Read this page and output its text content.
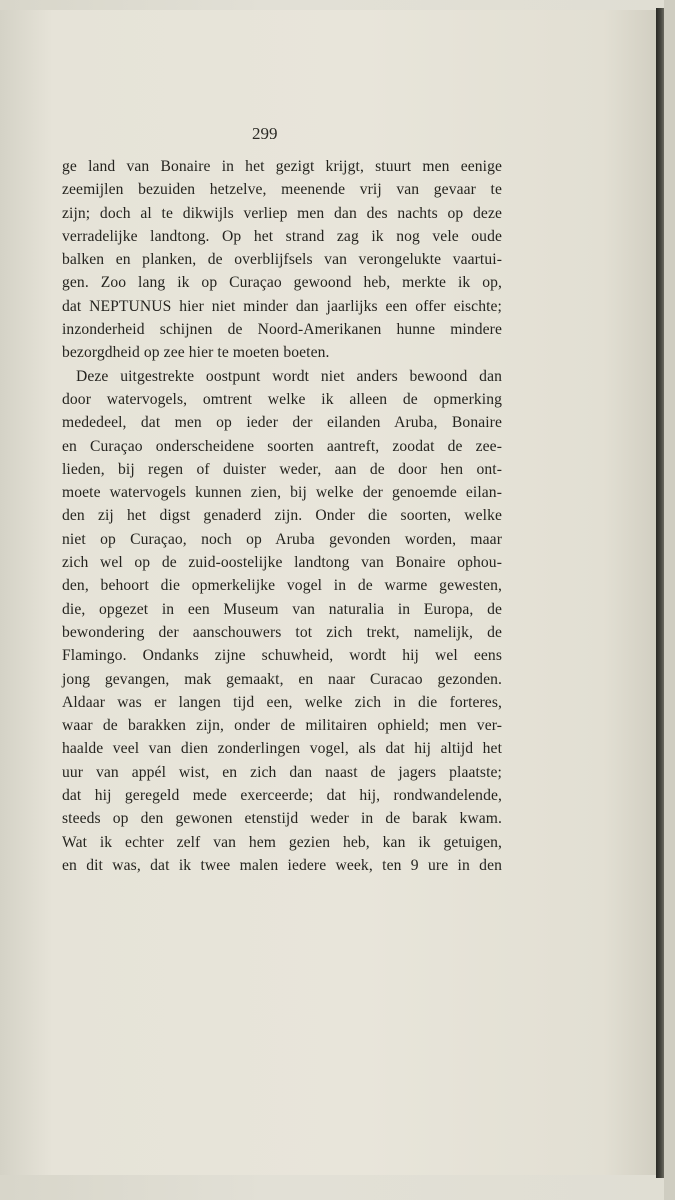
299
ge land van Bonaire in het gezigt krijgt, stuurt men eenige
zeemijlen bezuiden hetzelve, meenende vrij van gevaar te
zijn; doch al te dikwijls verliep men dan des nachts op deze
verradelijke landtong. Op het strand zag ik nog vele oude
balken en planken, de overblijfsels van verongelukte vaartui-
gen. Zoo lang ik op Curaçao gewoond heb, merkte ik op,
dat NEPTUNUS hier niet minder dan jaarlijks een offer eischte;
inzonderheid schijnen de Noord-Amerikanen hunne mindere
bezorgdheid op zee hier te moeten boeten.
Deze uitgestrekte oostpunt wordt niet anders bewoond dan
door watervogels, omtrent welke ik alleen de opmerking
mededeel, dat men op ieder der eilanden Aruba, Bonaire
en Curaçao onderscheidene soorten aantreft, zoodat de zee-
lieden, bij regen of duister weder, aan de door hen ont-
moete watervogels kunnen zien, bij welke der genoemde eilan-
den zij het digst genaderd zijn. Onder die soorten, welke
niet op Curaçao, noch op Aruba gevonden worden, maar
zich wel op de zuid-oostelijke landtong van Bonaire ophou-
den, behoort die opmerkelijke vogel in de warme gewesten,
die, opgezet in een Museum van naturalia in Europa, de
bewondering der aanschouwers tot zich trekt, namelijk, de
Flamingo. Ondanks zijne schuwheid, wordt hij wel eens
jong gevangen, mak gemaakt, en naar Curacao gezonden.
Aldaar was er langen tijd een, welke zich in die forteres,
waar de barakken zijn, onder de militairen ophield; men ver-
haalde veel van dien zonderlingen vogel, als dat hij altijd het
uur van appél wist, en zich dan naast de jagers plaatste;
dat hij geregeld mede exerceerde; dat hij, rondwandelende,
steeds op den gewonen etenstijd weder in de barak kwam.
Wat ik echter zelf van hem gezien heb, kan ik getuigen,
en dit was, dat ik twee malen iedere week, ten 9 ure in den
